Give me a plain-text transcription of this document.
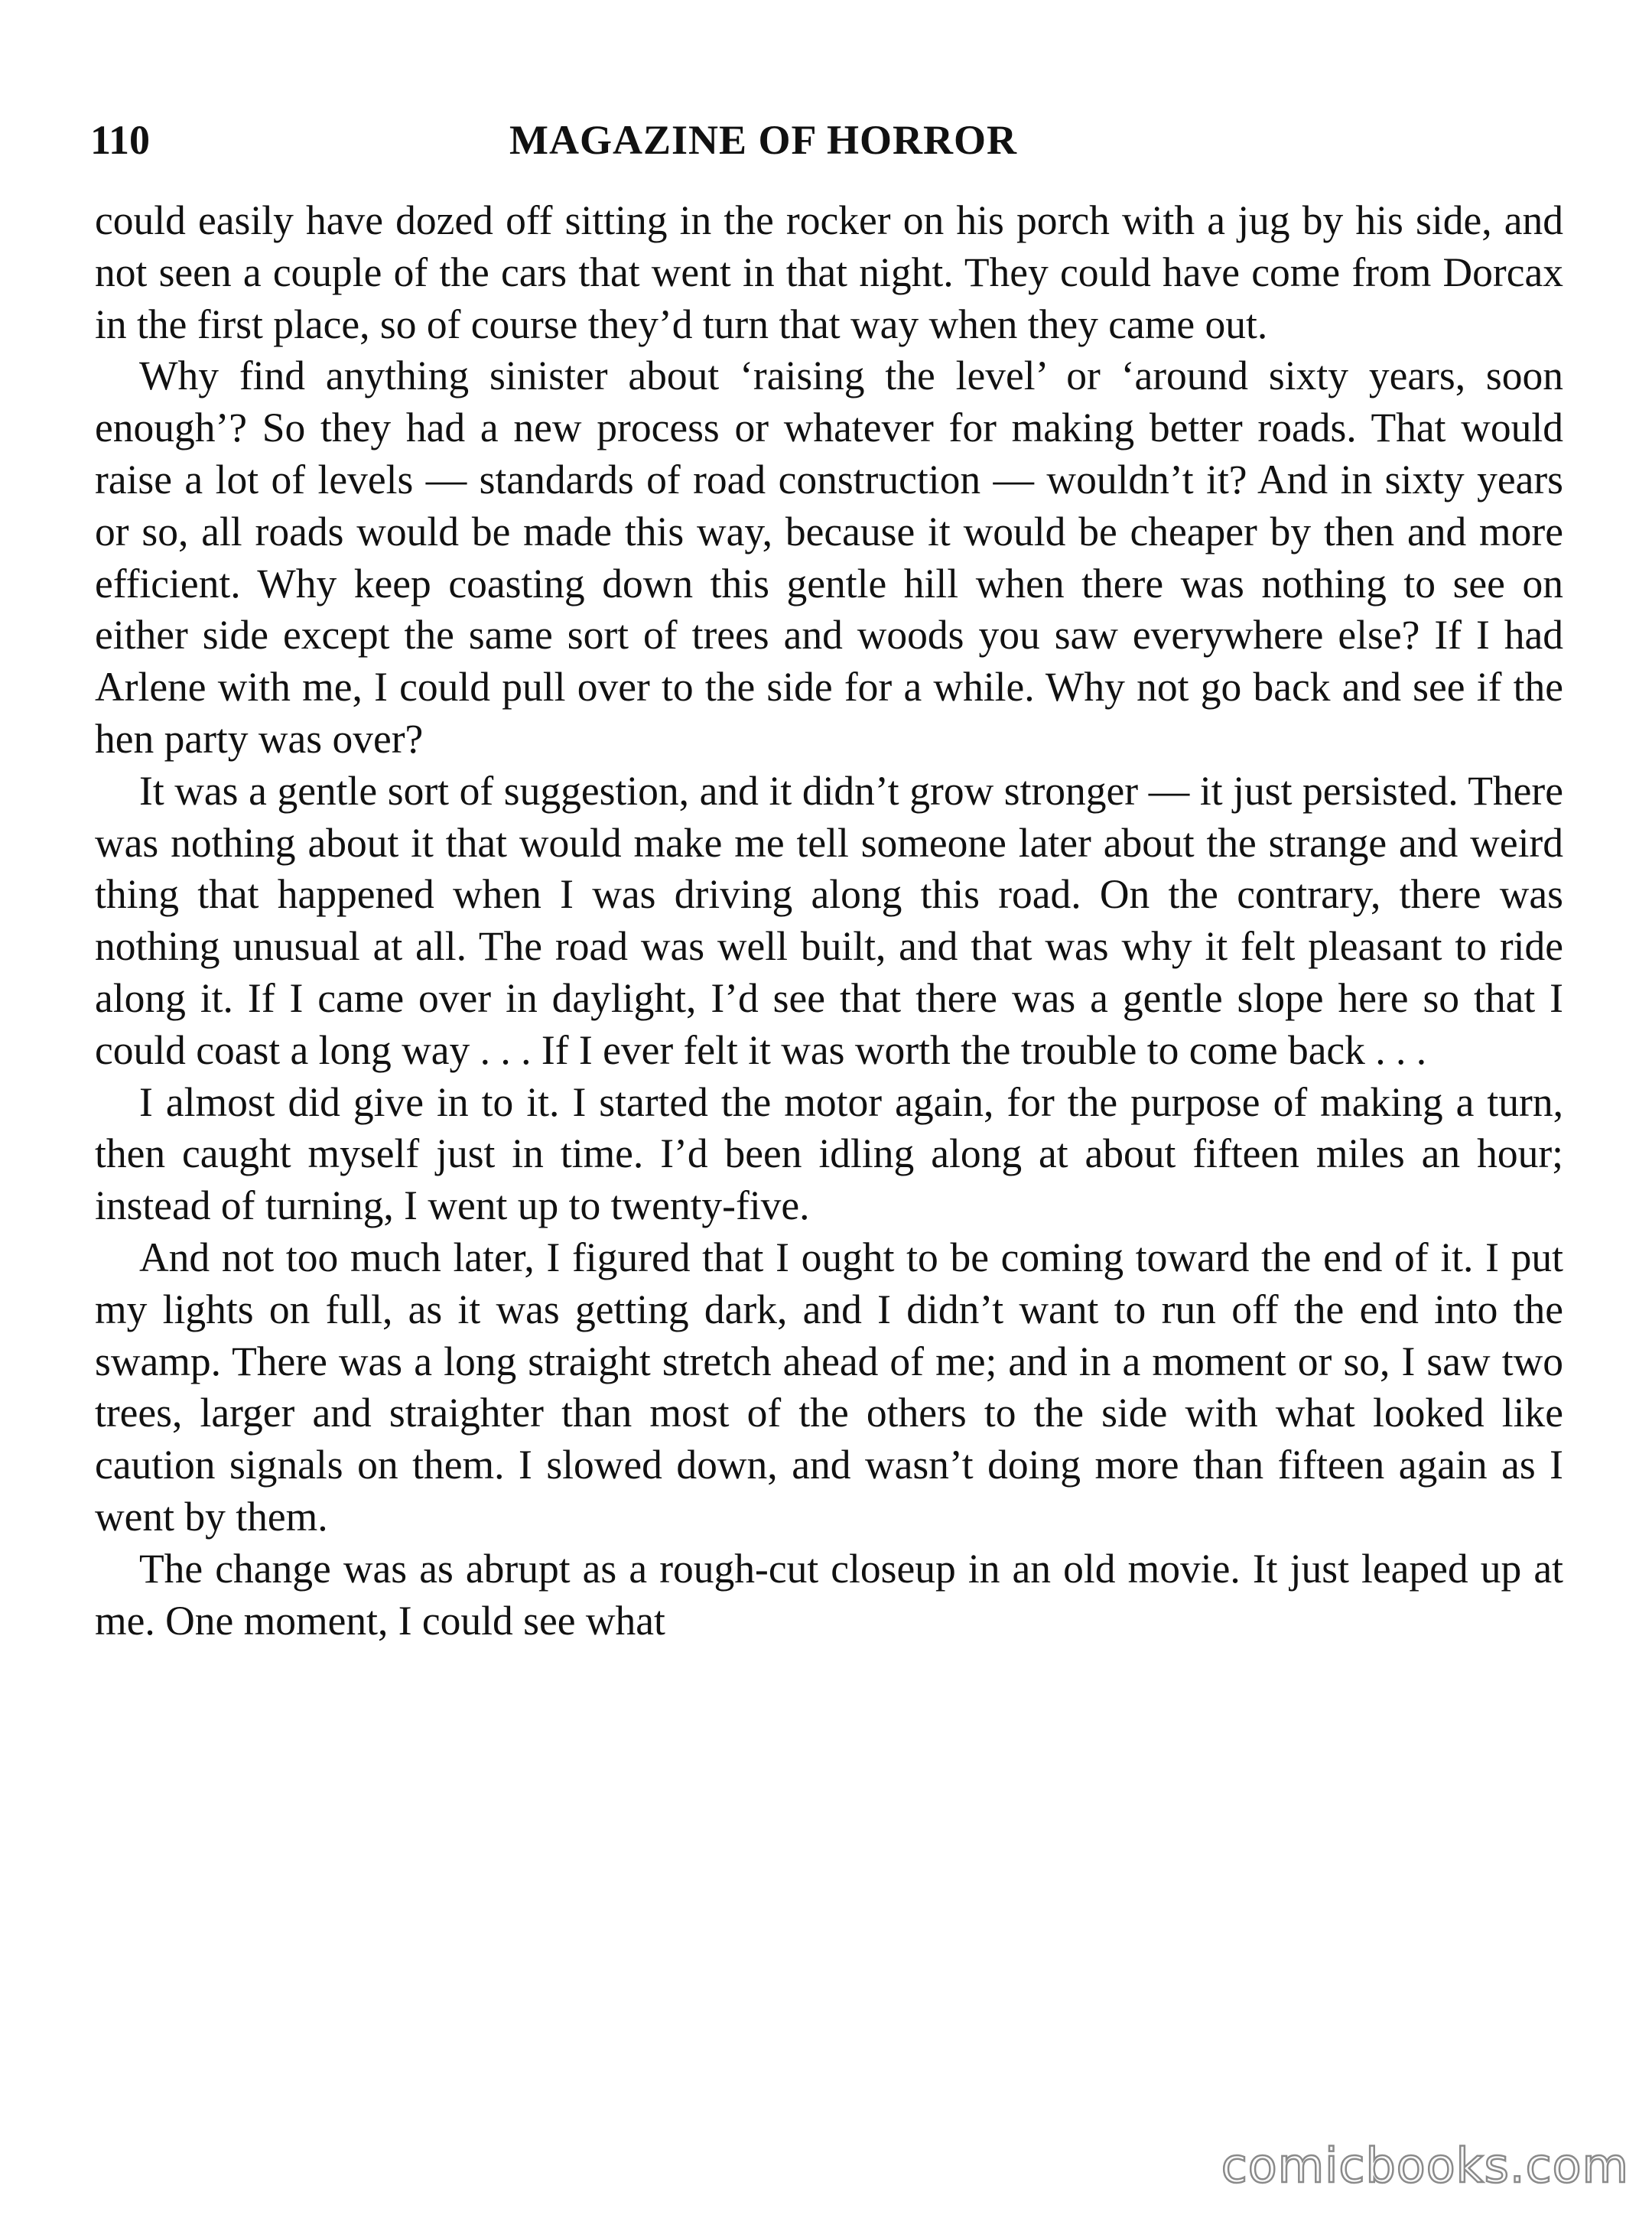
110	MAGAZINE OF HORROR

could easily have dozed off sitting in the rocker on his porch with a jug by his side, and not seen a couple of the cars that went in that night. They could have come from Dorcax in the first place, so of course they’d turn that way when they came out.

Why find anything sinister about ‘raising the level’ or ‘around sixty years, soon enough’? So they had a new process or whatever for making better roads. That would raise a lot of levels — standards of road construction — wouldn’t it? And in sixty years or so, all roads would be made this way, because it would be cheaper by then and more efficient. Why keep coasting down this gentle hill when there was nothing to see on either side except the same sort of trees and woods you saw everywhere else? If I had Arlene with me, I could pull over to the side for a while. Why not go back and see if the hen party was over?

It was a gentle sort of suggestion, and it didn’t grow stronger — it just persisted. There was nothing about it that would make me tell someone later about the strange and weird thing that happened when I was driving along this road. On the contrary, there was nothing unusual at all. The road was well built, and that was why it felt pleasant to ride along it. If I came over in daylight, I’d see that there was a gentle slope here so that I could coast a long way . . . If I ever felt it was worth the trouble to come back . . .

I almost did give in to it. I started the motor again, for the purpose of making a turn, then caught myself just in time. I’d been idling along at about fifteen miles an hour; instead of turning, I went up to twenty-five.

And not too much later, I figured that I ought to be coming toward the end of it. I put my lights on full, as it was getting dark, and I didn’t want to run off the end into the swamp. There was a long straight stretch ahead of me; and in a moment or so, I saw two trees, larger and straighter than most of the others to the side with what looked like caution signals on them. I slowed down, and wasn’t doing more than fifteen again as I went by them.

The change was as abrupt as a rough-cut closeup in an old movie. It just leaped up at me. One moment, I could see what

comicbooks.com
